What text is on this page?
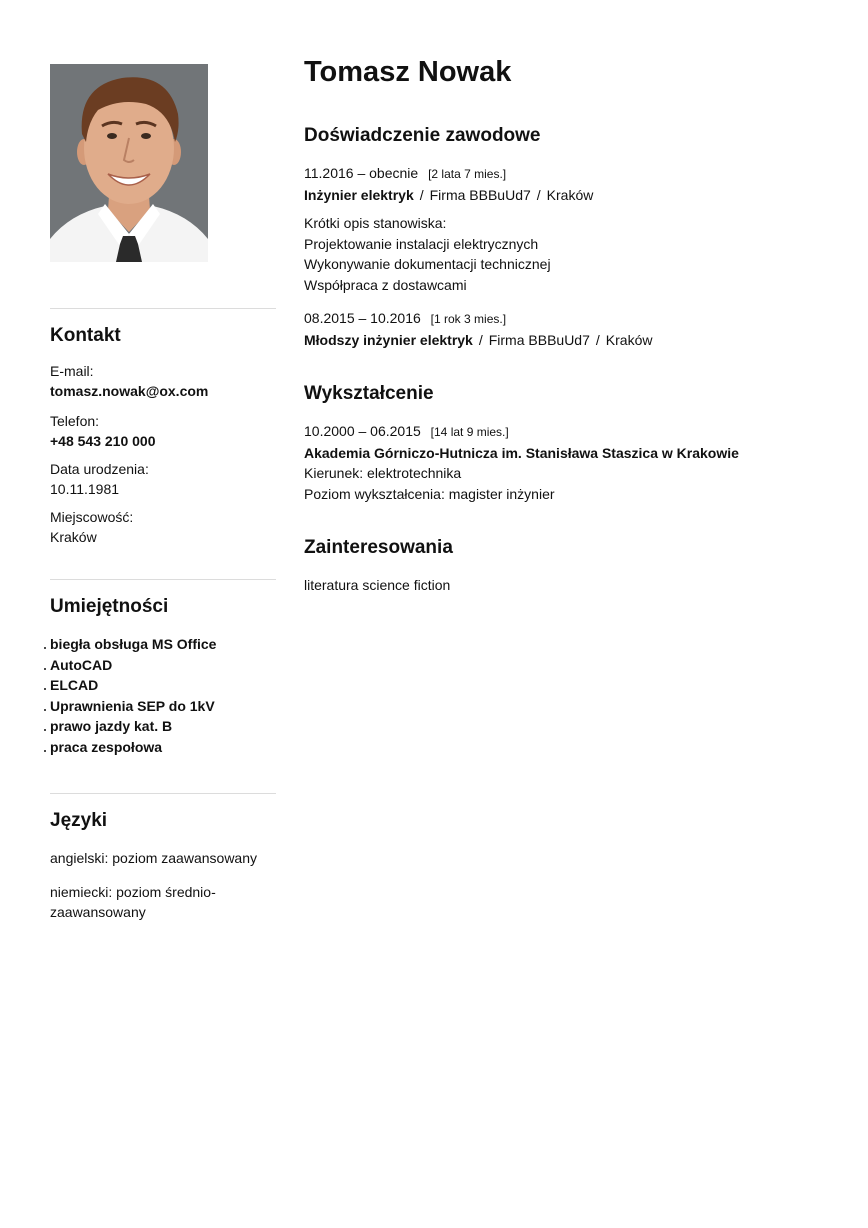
Kontakt
E-mail:
tomasz.nowak@ox.com
Telefon:
+48 543 210 000
Data urodzenia:
10.11.1981
Miejscowość:
Kraków
Umiejętności
biegła obsługa MS Office
AutoCAD
ELCAD
Uprawnienia SEP do 1kV
prawo jazdy kat. B
praca zespołowa
Języki
angielski: poziom zaawansowany
niemiecki: poziom średnio-zaawansowany
Tomasz Nowak
Doświadczenie zawodowe
11.2016 – obecnie [2 lata 7 mies.]
Inżynier elektryk / Firma BBBuUd7 / Kraków
Krótki opis stanowiska:
Projektowanie instalacji elektrycznych
Wykonywanie dokumentacji technicznej
Współpraca z dostawcami
08.2015 – 10.2016 [1 rok 3 mies.]
Młodszy inżynier elektryk / Firma BBBuUd7 / Kraków
Wykształcenie
10.2000 – 06.2015 [14 lat 9 mies.]
Akademia Górniczo-Hutnicza im. Stanisława Staszica w Krakowie
Kierunek: elektrotechnika
Poziom wykształcenia: magister inżynier
Zainteresowania
literatura science fiction
